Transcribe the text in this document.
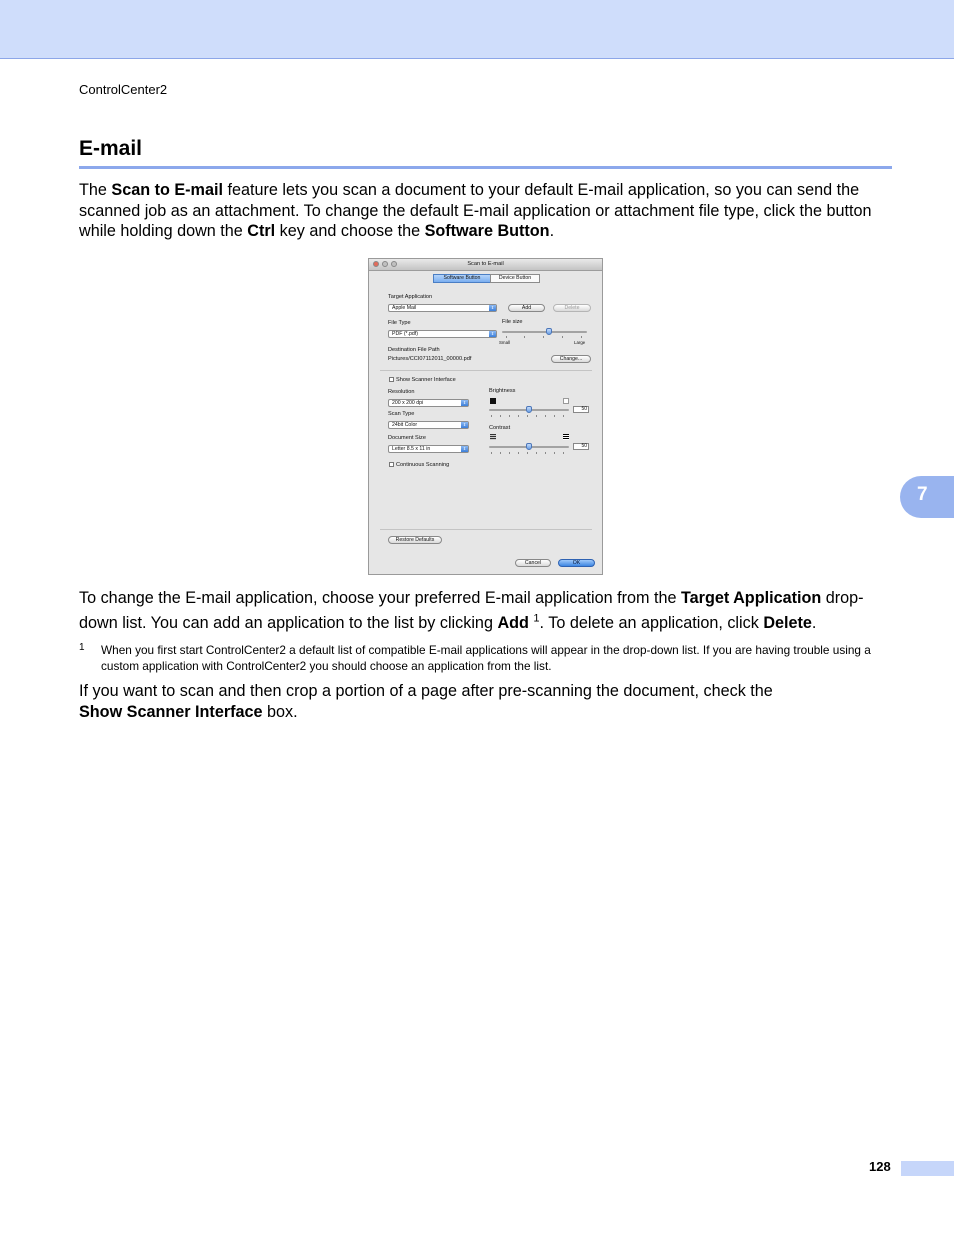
ControlCenter2
E-mail
The Scan to E-mail feature lets you scan a document to your default E-mail application, so you can send the scanned job as an attachment. To change the default E-mail application or attachment file type, click the button while holding down the Ctrl key and choose the Software Button.
Scan to E-mail
Software Button	Device Button
Target Application
Apple Mail	⇕	Add	Delete
File Type	File size
PDF (*.pdf)	⇕
Small	Large
Destination File Path
Pictures/CCI07112011_00000.pdf	Change...
Show Scanner Interface
Resolution
200 x 200 dpi	⇕
Scan Type
24bit Color	⇕
Document Size
Letter 8.5 x 11 in	⇕
Continuous Scanning
Brightness
50
Contrast
50
Restore Defaults
Cancel	OK
To change the E-mail application, choose your preferred E-mail application from the Target Application drop-down list. You can add an application to the list by clicking Add $^1$. To delete an application, click Delete.
1 When you first start ControlCenter2 a default list of compatible E-mail applications will appear in the drop-down list. If you are having trouble using a custom application with ControlCenter2 you should choose an application from the list.
If you want to scan and then crop a portion of a page after pre-scanning the document, check the
Show Scanner Interface box.
7
128
